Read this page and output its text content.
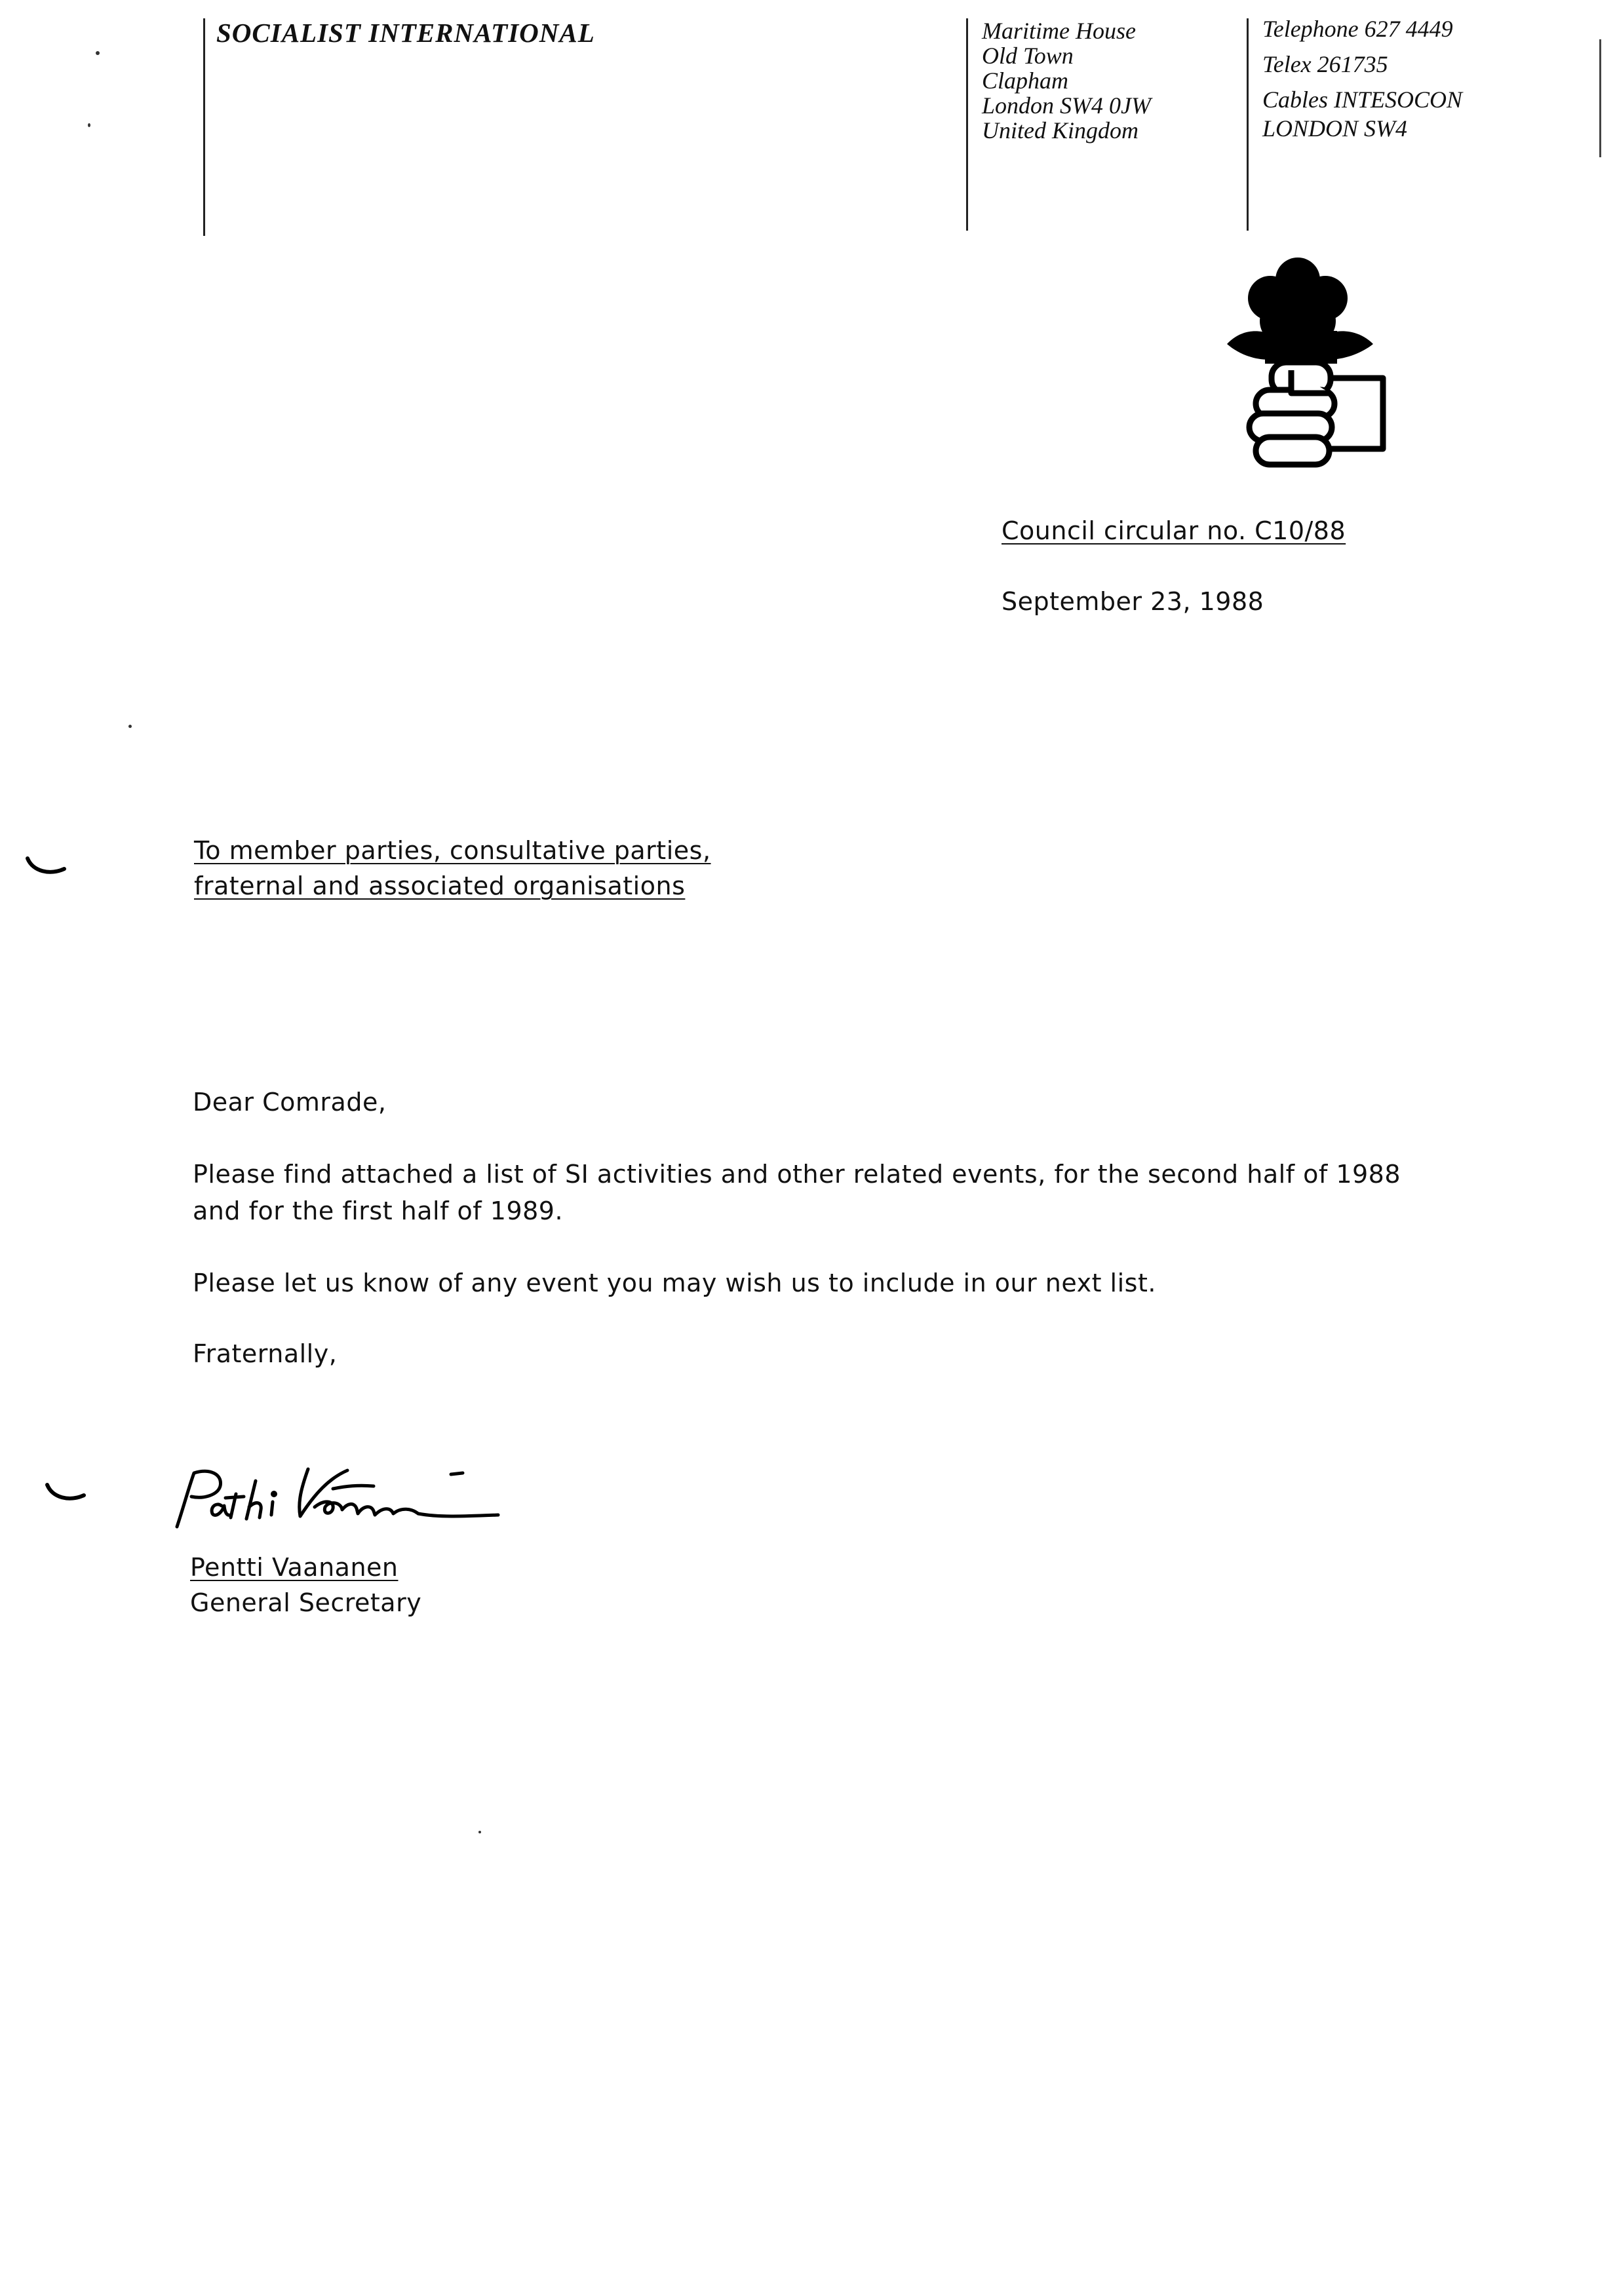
SOCIALIST INTERNATIONAL	Maritime House
Old Town
Clapham
London SW4 0JW
United Kingdom
Telephone 627 4449
Telex 261735
Cables INTESOCON
LONDON SW4
Council circular no. C10/88
September 23, 1988
To member parties, consultative parties,
fraternal and associated organisations
Dear Comrade,
Please find attached a list of SI activities and other related events, for the second half of 1988
and for the first half of 1989.
Please let us know of any event you may wish us to include in our next list.
Fraternally,
Pentti Vaananen
General Secretary
